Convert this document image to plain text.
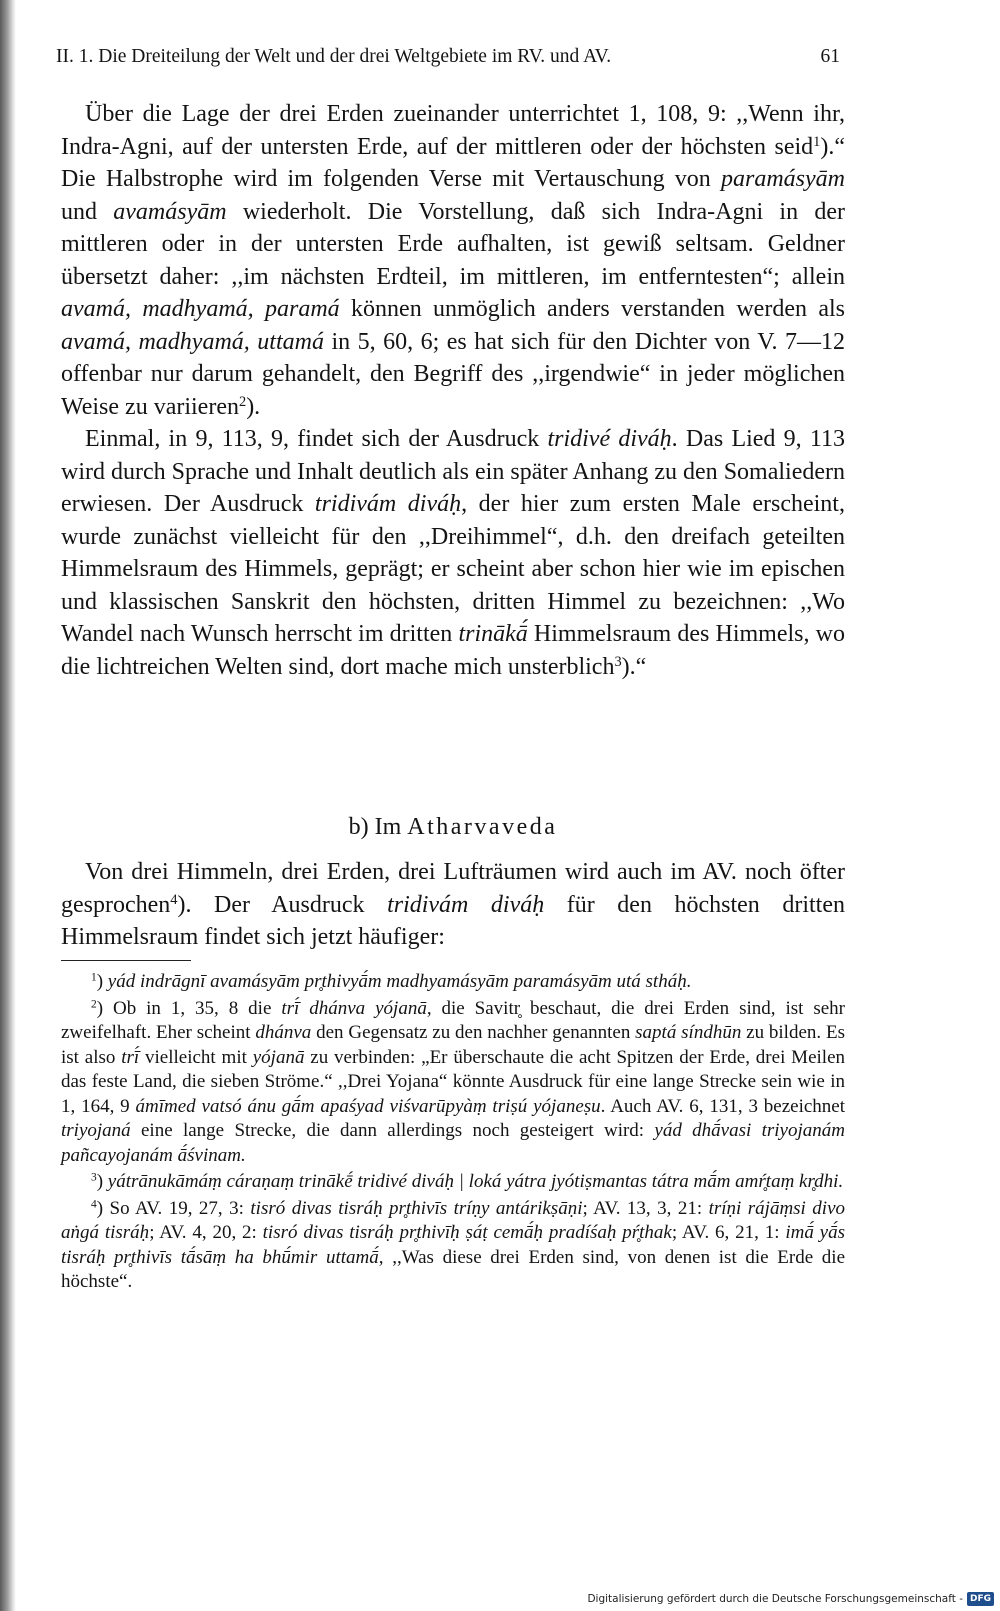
II. 1. Die Dreiteilung der Welt und der drei Weltgebiete im RV. und AV.	61

Über die Lage der drei Erden zueinander unterrichtet 1, 108, 9: ,,Wenn ihr, Indra-Agni, auf der untersten Erde, auf der mittleren oder der höchsten seid$^1$).“ Die Halbstrophe wird im folgenden Verse mit Vertauschung von paramásyām und avamásyām wiederholt. Die Vorstellung, daß sich Indra-Agni in der mittleren oder in der untersten Erde aufhalten, ist gewiß seltsam. Geldner übersetzt daher: ,,im nächsten Erdteil, im mittleren, im entferntesten“; allein avamá, madhyamá, paramá können unmöglich anders verstanden werden als avamá, madhyamá, uttamá in 5, 60, 6; es hat sich für den Dichter von V. 7—12 offenbar nur darum gehandelt, den Begriff des ,,irgendwie“ in jeder möglichen Weise zu variieren$^2$).

Einmal, in 9, 113, 9, findet sich der Ausdruck tridivé diváḥ. Das Lied 9, 113 wird durch Sprache und Inhalt deutlich als ein später Anhang zu den Somaliedern erwiesen. Der Ausdruck tridivám diváḥ, der hier zum ersten Male erscheint, wurde zunächst vielleicht für den ,,Dreihimmel“, d.h. den dreifach geteilten Himmelsraum des Himmels, geprägt; er scheint aber schon hier wie im epischen und klassischen Sanskrit den höchsten, dritten Himmel zu bezeichnen: ,,Wo Wandel nach Wunsch herrscht im dritten trinākā́ Himmelsraum des Himmels, wo die lichtreichen Welten sind, dort mache mich unsterblich$^3$).“

b) Im Atharvaveda

Von drei Himmeln, drei Erden, drei Lufträumen wird auch im AV. noch öfter gesprochen$^4$). Der Ausdruck tridivám diváḥ für den höchsten dritten Himmelsraum findet sich jetzt häufiger:

$^1$) yád indrāgnī avamásyām pr̥thivyā́m madhyamásyām paramásyām utá stháḥ.

$^2$) Ob in 1, 35, 8 die trī́ dhánva yójanā, die Savitr̥ beschaut, die drei Erden sind, ist sehr zweifelhaft. Eher scheint dhánva den Gegensatz zu den nachher genannten saptá síndhūn zu bilden. Es ist also trī́ vielleicht mit yójanā zu verbinden: „Er überschaute die acht Spitzen der Erde, drei Meilen das feste Land, die sieben Ströme.“ ,,Drei Yojana“ könnte Ausdruck für eine lange Strecke sein wie in 1, 164, 9 ámīmed vatsó ánu gā́m apaśyad viśvarūpyàṃ triṣú yójaneṣu. Auch AV. 6, 131, 3 bezeichnet triyojaná eine lange Strecke, die dann allerdings noch gesteigert wird: yád dhā́vasi triyojanám pañcayojanám ā́śvinam.

$^3$) yátrānukāmáṃ cáraṇaṃ trinākḗ tridivé diváḥ | loká yátra jyótiṣmantas tátra mā́m amŕ̥taṃ kr̥dhi.

$^4$) So AV. 19, 27, 3: tisró divas tisráḥ pr̥thivīs tríṇy antárikṣāṇi; AV. 13, 3, 21: tríṇi rájāṃsi divo aṅgá tisráḥ; AV. 4, 20, 2: tisró divas tisráḥ pr̥thivīḥ ṣáṭ cemā́ḥ pradíśaḥ pŕ̥thak; AV. 6, 21, 1: imā́ yā́s tisráḥ pr̥thivīs tā́sāṃ ha bhū́mir uttamā́, ,,Was diese drei Erden sind, von denen ist die Erde die höchste“.

Digitalisierung gefördert durch die Deutsche Forschungsgemeinschaft - DFG
